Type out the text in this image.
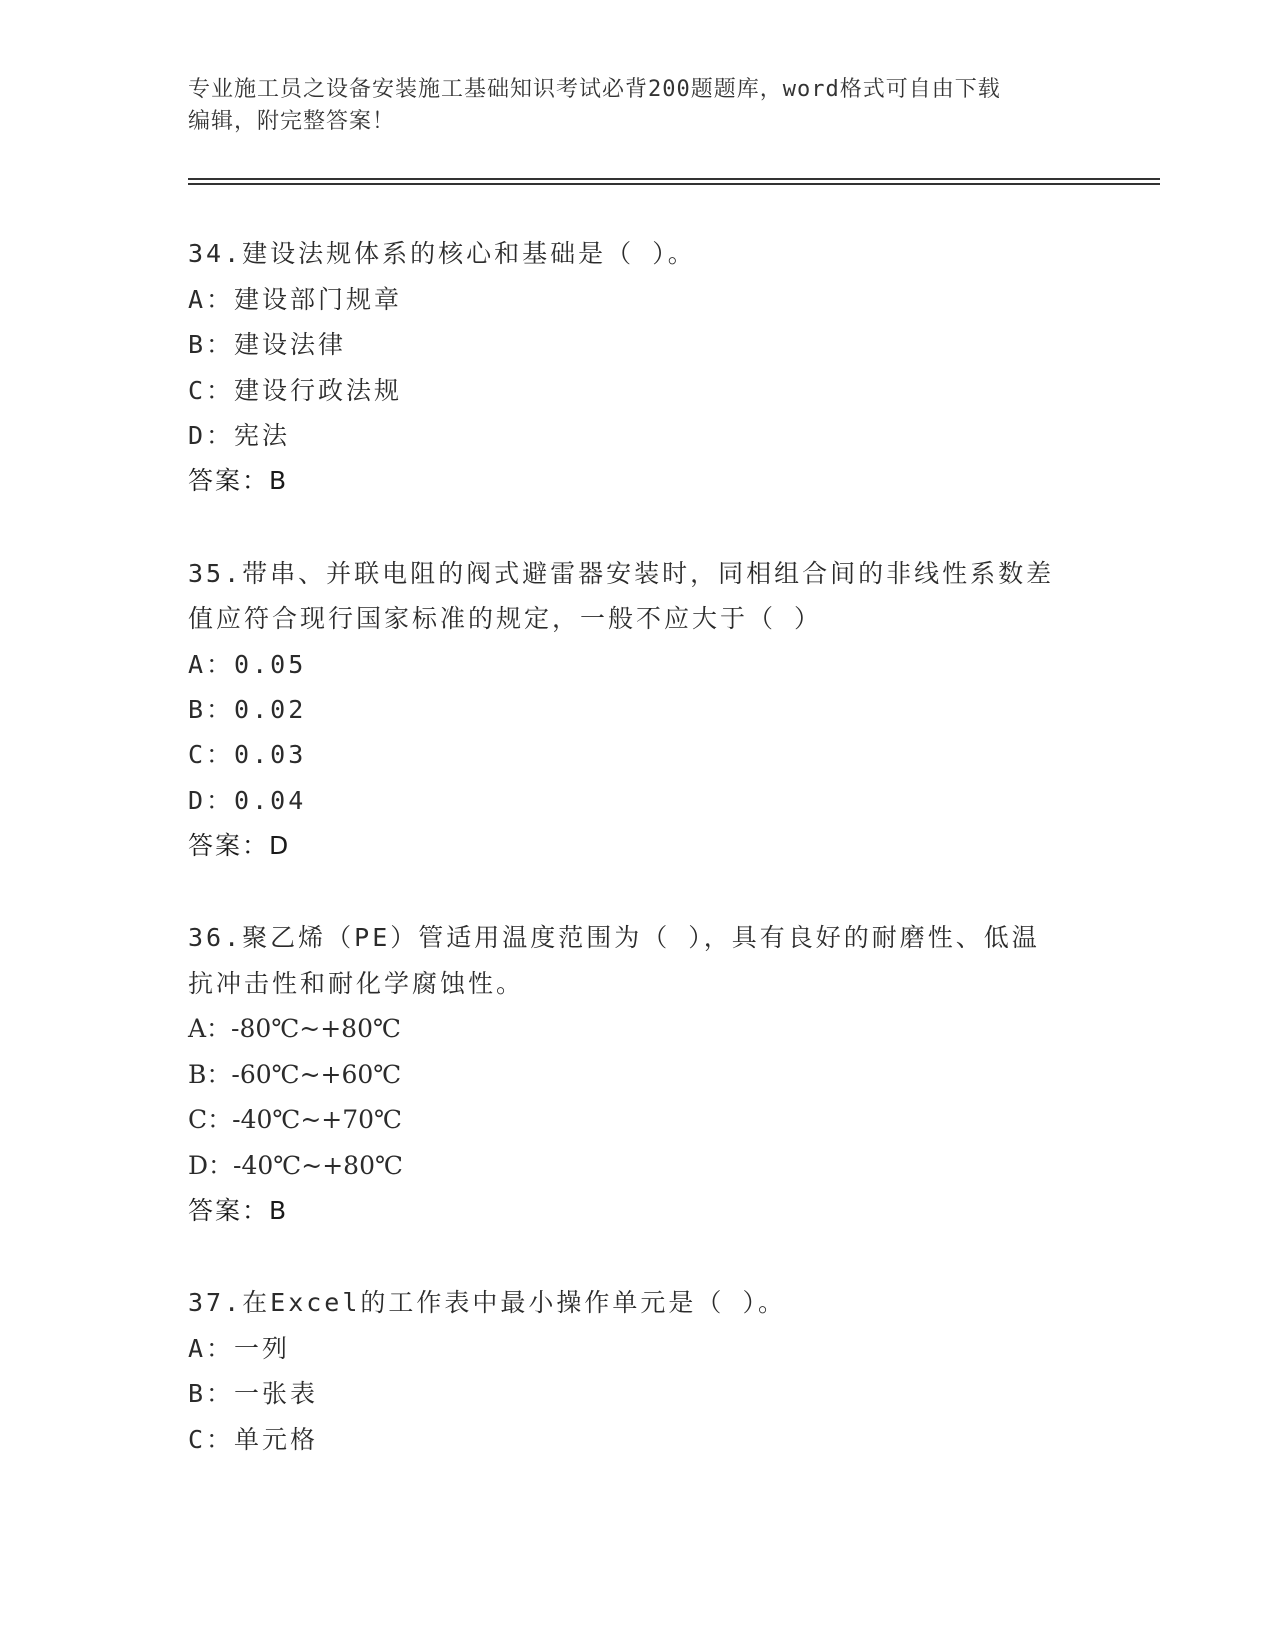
专业施工员之设备安装施工基础知识考试必背200题题库，word格式可自由下载
编辑，附完整答案！
34.建设法规体系的核心和基础是（ ）。
A：建设部门规章
B：建设法律
C：建设行政法规
D：宪法
答案：B
35.带串、并联电阻的阀式避雷器安装时，同相组合间的非线性系数差
值应符合现行国家标准的规定，一般不应大于（ ）
A：0.05
B：0.02
C：0.03
D：0.04
答案：D
36.聚乙烯（PE）管适用温度范围为（ ），具有良好的耐磨性、低温
抗冲击性和耐化学腐蚀性。
A：-80℃~+80℃
B：-60℃~+60℃
C：-40℃~+70℃
D：-40℃~+80℃
答案：B
37.在Excel的工作表中最小操作单元是（ ）。
A：一列
B：一张表
C：单元格
